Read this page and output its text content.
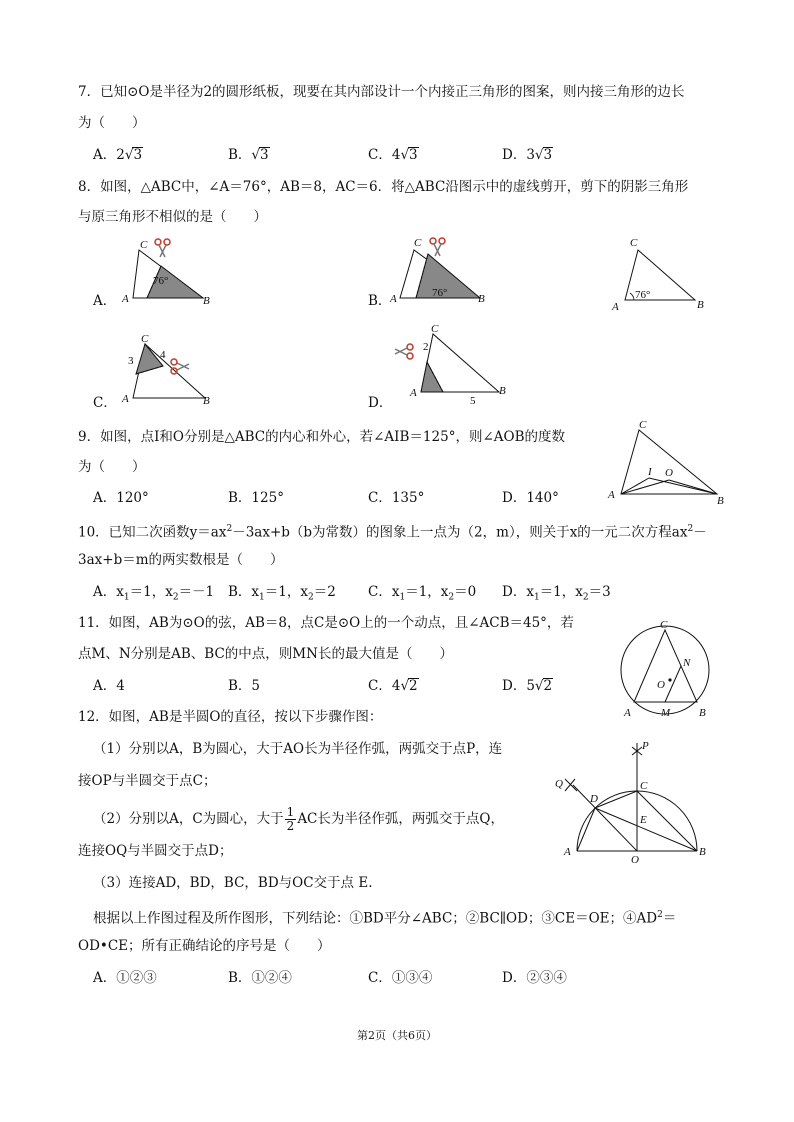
7．已知⊙O是半径为2的圆形纸板，现要在其内部设计一个内接正三角形的图案，则内接三角形的边长
为（　　）
A．2√3	B．√3	C．4√3	D．3√3
8．如图，△ABC中，∠A＝76°，AB＝8，AC＝6．将△ABC沿图示中的虚线剪开，剪下的阴影三角形
与原三角形不相似的是（　　）
A．	B．
C．	D．
A	B
C
76°
A	B
C
76°
A	B
C
76°
A	B
C
3 4
A	B
C
2
5
9．如图，点I和O分别是△ABC的内心和外心，若∠AIB＝125°，则∠AOB的度数
为（　　）
A．120°	B．125°	C．135°	D．140°	A	B
C
I O
10．已知二次函数$y=ax^2-3ax+b(b$为常数）的图象上一点为（2，m），则关于x的一元二次方程$ax^2-$
3ax+b＝m的两实数根是（　　）
A．$x_1=1$，$x_2=-1$ B．$x_1=1$，$x_2=2$ C．$x_1=1$，$x_2=0$ D．$x_1=1$，$x_2=3$
11．如图，AB为⊙O的弦，AB＝8，点C是⊙O上的一个动点，且∠ACB＝45°，若
点M、N分别是AB、BC的中点，则MN长的最大值是（　　）
A．4	B．5	C．4√2	D．5√2
A	B
C
M
N
O
12．如图，AB是半圆O的直径，按以下步骤作图：
（1）分别以A，B为圆心，大于AO长为半径作弧，两弧交于点P，连
接OP与半圆交于点C；
（2）分别以A，C为圆心，大于 $\frac{1}{2}$ AC长为半径作弧，两弧交于点Q，
连接OQ与半圆交于点D；
（3）连接AD，BD，BC，BD与OC交于点 E.
根据以上作图过程及所作图形，下列结论：①BD平分∠ABC；②BC∥OD；③CE＝OE；$④AD^2=$
OD•CE；所有正确结论的序号是（　　）
A．①②③	B．①②④	C．①③④	D．②③④
A	B
C
D
E
O
P
Q
第2页（共6页）
